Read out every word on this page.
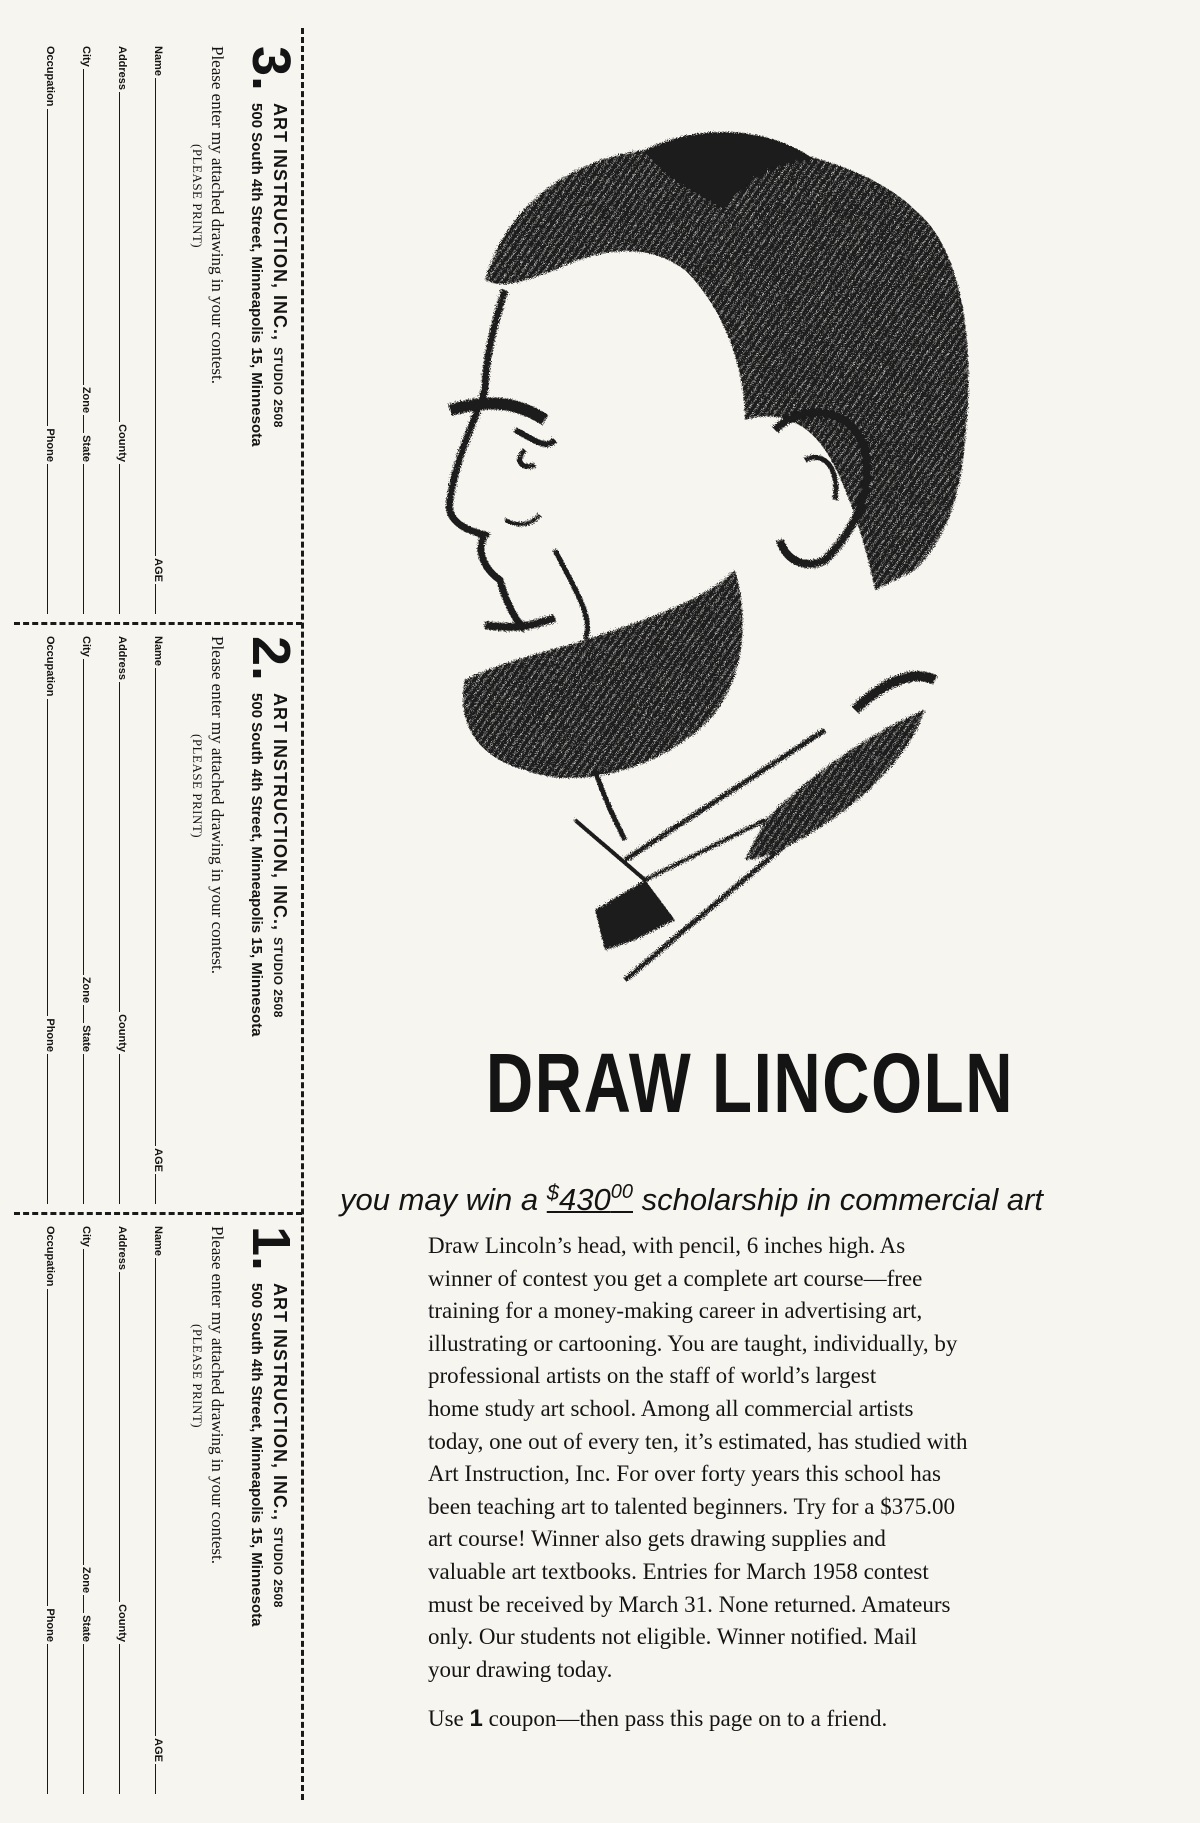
3.
ART INSTRUCTION, INC., STUDIO 2508
500 South 4th Street, Minneapolis 15, Minnesota
Please enter my attached drawing in your contest.
(PLEASE PRINT)
Name
AGE
Address
County
City
Zone
State
Occupation
Phone
2.
ART INSTRUCTION, INC., STUDIO 2508
500 South 4th Street, Minneapolis 15, Minnesota
Please enter my attached drawing in your contest.
(PLEASE PRINT)
Name
AGE
Address
County
City
Zone
State
Occupation
Phone
1.
ART INSTRUCTION, INC., STUDIO 2508
500 South 4th Street, Minneapolis 15, Minnesota
Please enter my attached drawing in your contest.
(PLEASE PRINT)
Name
AGE
Address
County
City
Zone
State
Occupation
Phone
DRAW LINCOLN
you may win a $^{\$}430^{00}$ scholarship in commercial art
Draw Lincoln’s head, with pencil, 6 inches high. As
winner of contest you get a complete art course—free
training for a money-making career in advertising art,
illustrating or cartooning. You are taught, individually, by
professional artists on the staff of world’s largest
home study art school. Among all commercial artists
today, one out of every ten, it’s estimated, has studied with
Art Instruction, Inc. For over forty years this school has
been teaching art to talented beginners. Try for a $375.00
art course! Winner also gets drawing supplies and
valuable art textbooks. Entries for March 1958 contest
must be received by March 31. None returned. Amateurs
only. Our students not eligible. Winner notified. Mail
your drawing today.
Use 1 coupon—then pass this page on to a friend.
